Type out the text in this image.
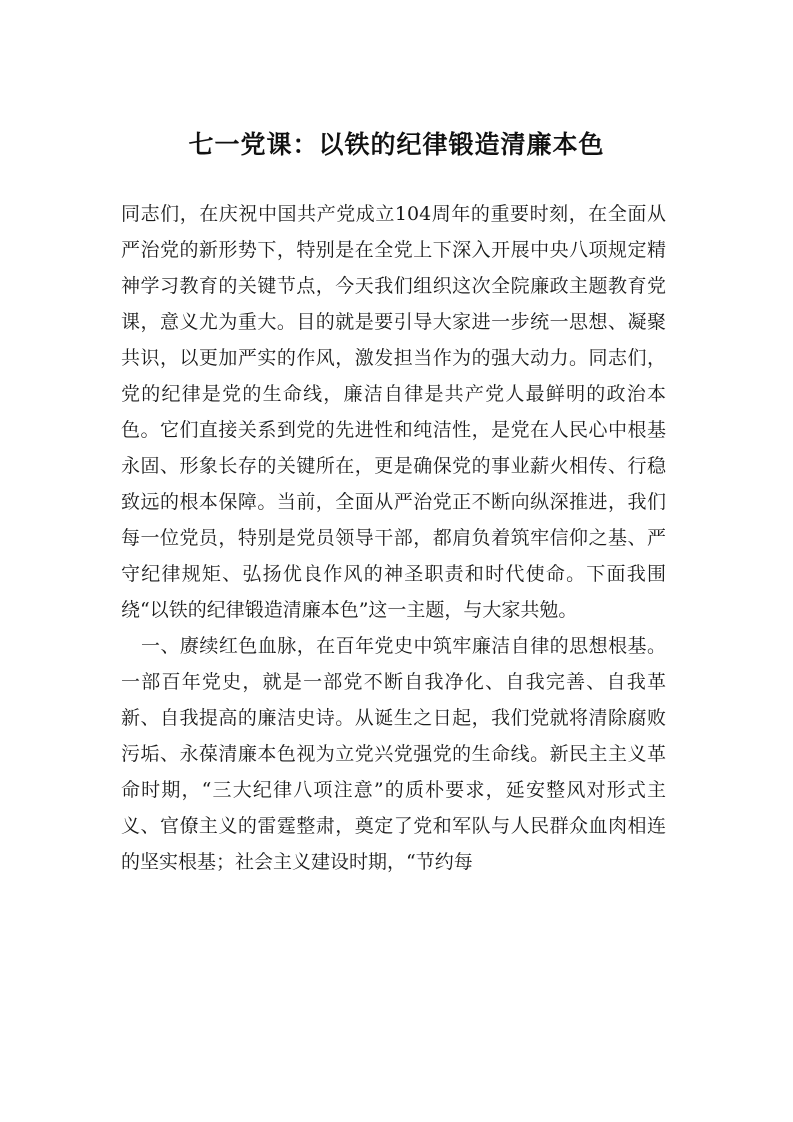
七一党课：以铁的纪律锻造清廉本色

同志们，在庆祝中国共产党成立104周年的重要时刻，在全面从严治党的新形势下，特别是在全党上下深入开展中央八项规定精神学习教育的关键节点，今天我们组织这次全院廉政主题教育党课，意义尤为重大。目的就是要引导大家进一步统一思想、凝聚共识，以更加严实的作风，激发担当作为的强大动力。同志们，党的纪律是党的生命线，廉洁自律是共产党人最鲜明的政治本色。它们直接关系到党的先进性和纯洁性，是党在人民心中根基永固、形象长存的关键所在，更是确保党的事业薪火相传、行稳致远的根本保障。当前，全面从严治党正不断向纵深推进，我们每一位党员，特别是党员领导干部，都肩负着筑牢信仰之基、严守纪律规矩、弘扬优良作风的神圣职责和时代使命。下面我围绕“以铁的纪律锻造清廉本色”这一主题，与大家共勉。

一、赓续红色血脉，在百年党史中筑牢廉洁自律的思想根基。一部百年党史，就是一部党不断自我净化、自我完善、自我革新、自我提高的廉洁史诗。从诞生之日起，我们党就将清除腐败污垢、永葆清廉本色视为立党兴党强党的生命线。新民主主义革命时期，“三大纪律八项注意”的质朴要求，延安整风对形式主义、官僚主义的雷霆整肃，奠定了党和军队与人民群众血肉相连的坚实根基；社会主义建设时期，“节约每
